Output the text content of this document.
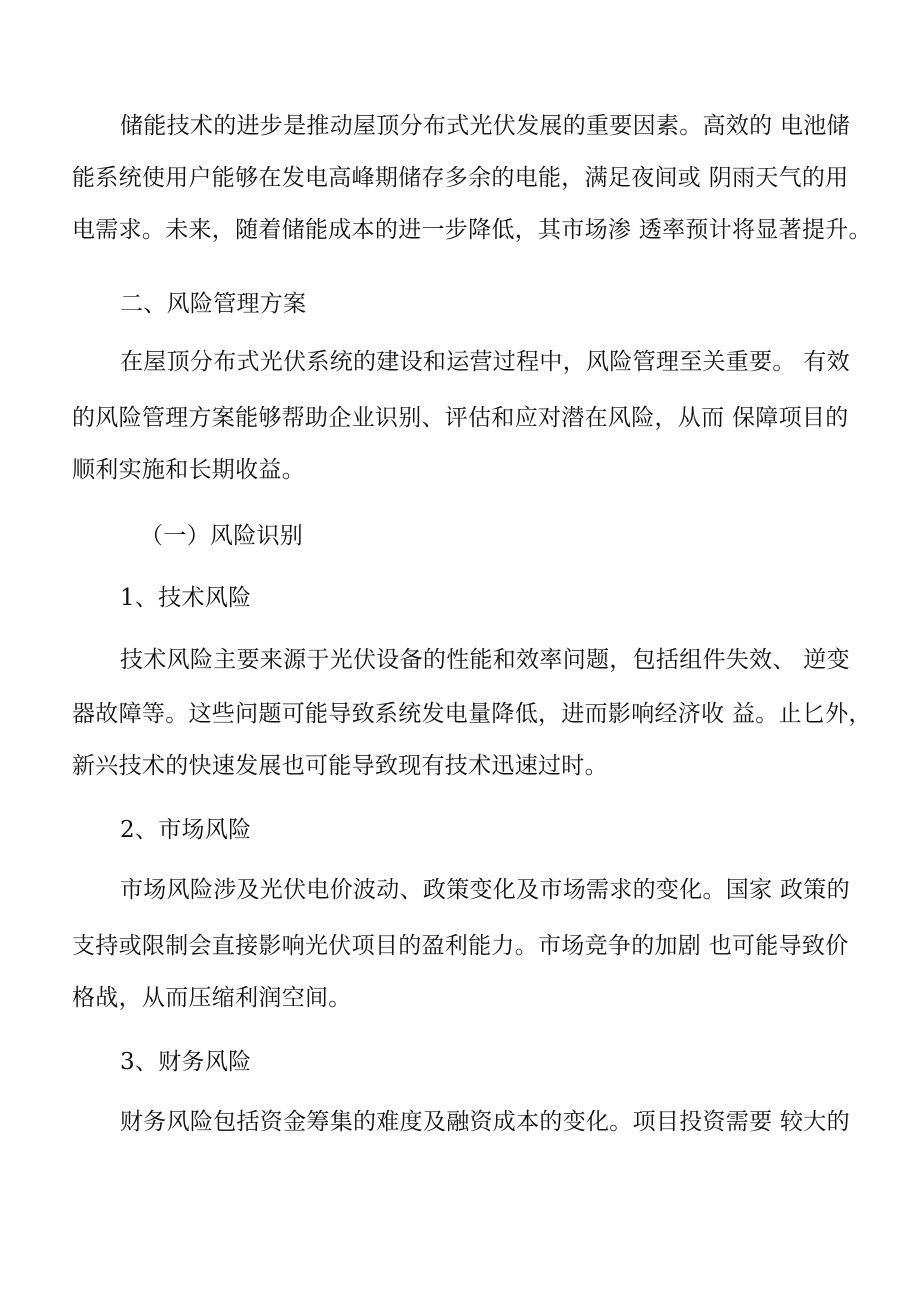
储能技术的进步是推动屋顶分布式光伏发展的重要因素。高效的 电池储
能系统使用户能够在发电高峰期储存多余的电能，满足夜间或 阴雨天气的用
电需求。未来，随着储能成本的进一步降低，其市场渗 透率预计将显著提升。
二、风险管理方案
在屋顶分布式光伏系统的建设和运营过程中，风险管理至关重要。 有效
的风险管理方案能够帮助企业识别、评估和应对潜在风险，从而 保障项目的
顺利实施和长期收益。
（一）风险识别
1、技术风险
技术风险主要来源于光伏设备的性能和效率问题，包括组件失效、 逆变
器故障等。这些问题可能导致系统发电量降低，进而影响经济收 益。止匕外，
新兴技术的快速发展也可能导致现有技术迅速过时。
2、市场风险
市场风险涉及光伏电价波动、政策变化及市场需求的变化。国家 政策的
支持或限制会直接影响光伏项目的盈利能力。市场竞争的加剧 也可能导致价
格战，从而压缩利润空间。
3、财务风险
财务风险包括资金筹集的难度及融资成本的变化。项目投资需要 较大的
